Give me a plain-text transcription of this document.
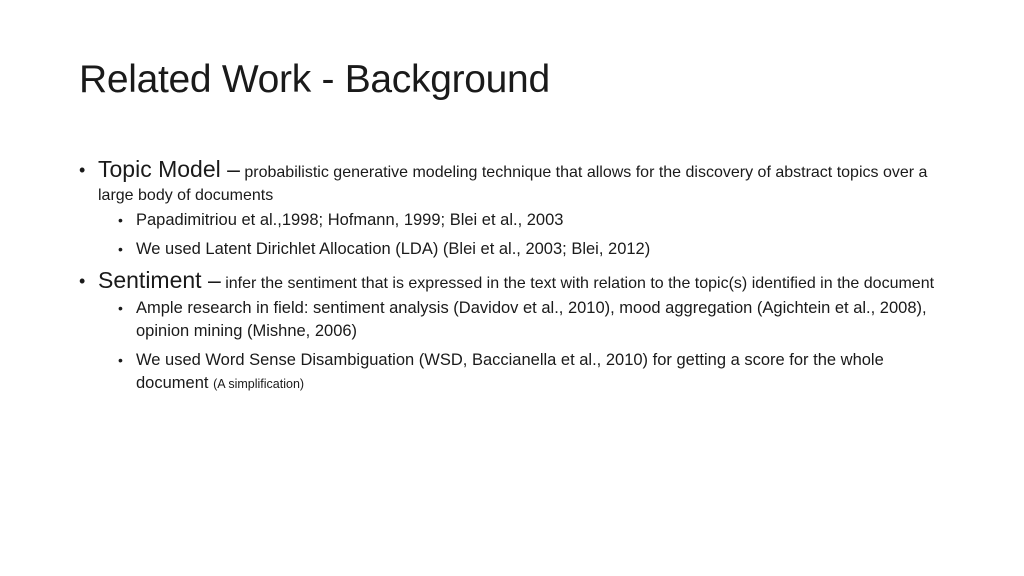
Related Work - Background
• Topic Model – probabilistic generative modeling technique that allows for the discovery of abstract topics over a large body of documents
• Papadimitriou et al.,1998; Hofmann, 1999; Blei et al., 2003
• We used Latent Dirichlet Allocation (LDA) (Blei et al., 2003; Blei, 2012)
• Sentiment – infer the sentiment that is expressed in the text with relation to the topic(s) identified in the document
• Ample research in field: sentiment analysis (Davidov et al., 2010), mood aggregation (Agichtein et al., 2008), opinion mining (Mishne, 2006)
• We used Word Sense Disambiguation (WSD, Baccianella et al., 2010) for getting a score for the whole document (A simplification)
